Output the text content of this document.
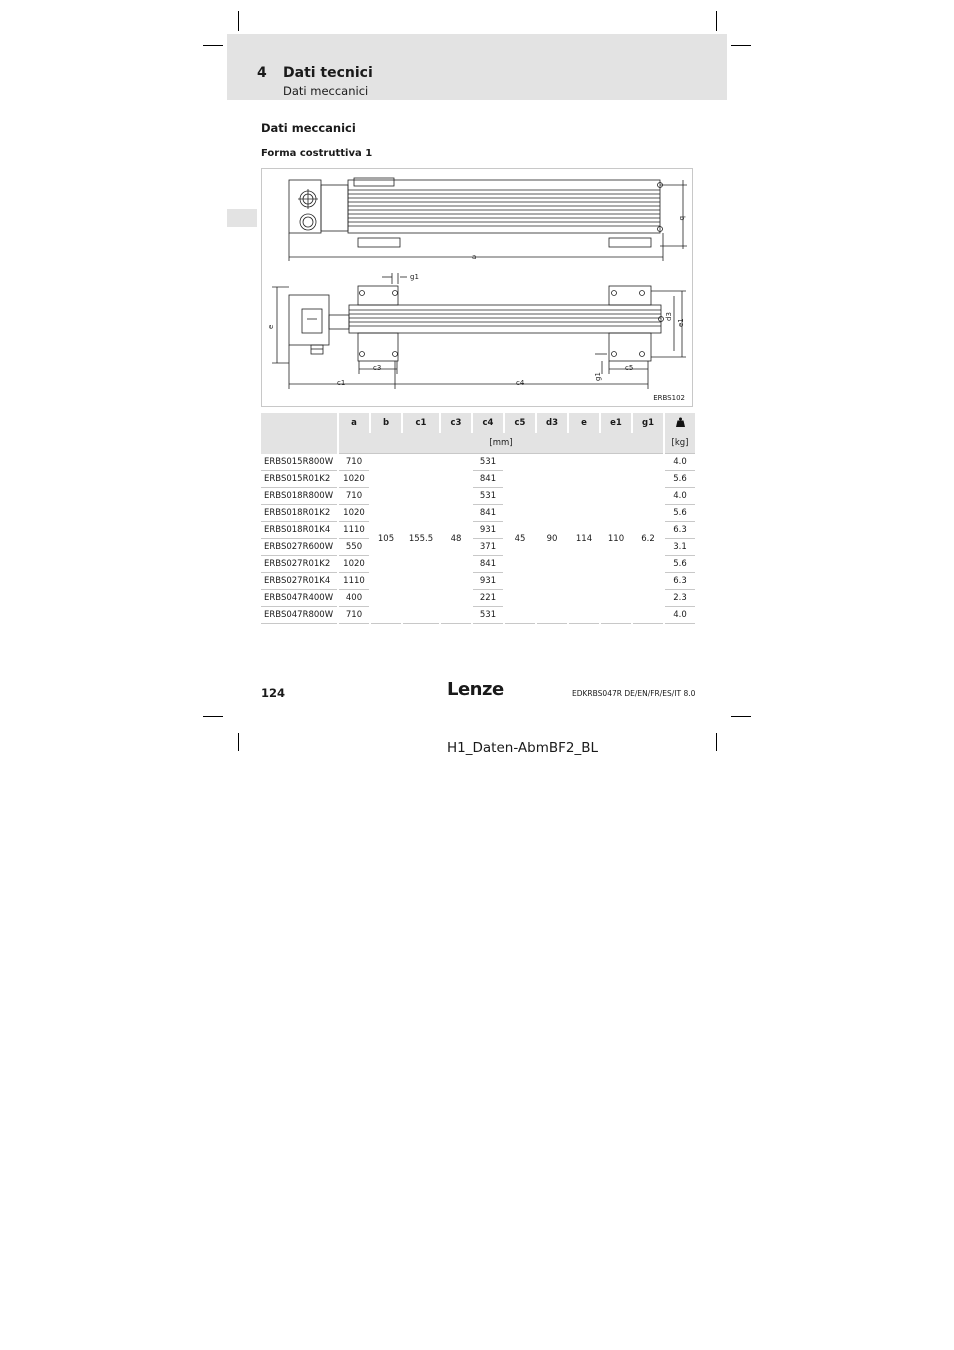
4 Dati tecnici
Dati meccanici
Dati meccanici
Forma costruttiva 1
b
a
g1
e
d3
e1
c3	c5
g1
c1	c4
ERBS102
	a	b	c1	c3	c4	c5	d3	e	e1	g1	
	[mm]										[kg]
ERBS015R800W	710	105	155.5	48	531	45	90	114	110	6.2	4.0
ERBS015R01K2	1020				841						5.6
ERBS018R800W	710				531						4.0
ERBS018R01K2	1020				841						5.6
ERBS018R01K4	1110				931						6.3
ERBS027R600W	550				371						3.1
ERBS027R01K2	1020				841						5.6
ERBS027R01K4	1110				931						6.3
ERBS047R400W	400				221						2.3
ERBS047R800W	710				531						4.0
124	Lenze	EDKRBS047R DE/EN/FR/ES/IT 8.0
H1_Daten-AbmBF2_BL
